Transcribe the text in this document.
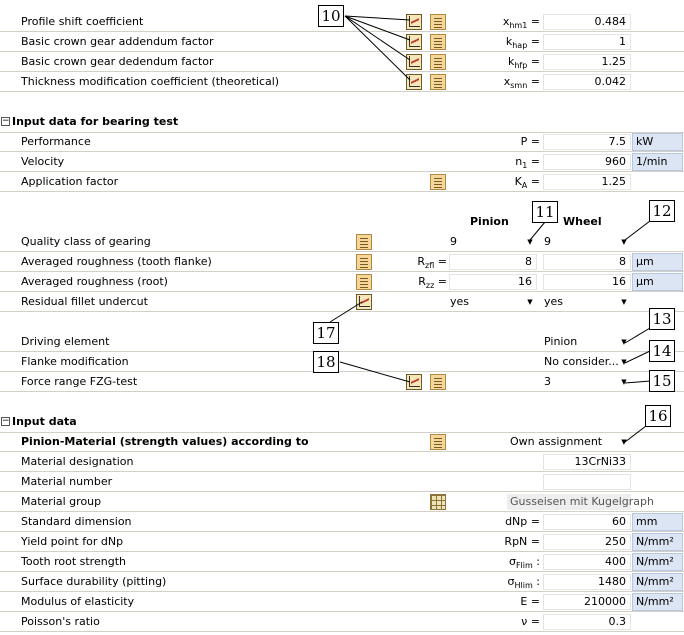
Profile shift coefficient	$x_{hm1}$ =	0.484
Basic crown gear addendum factor	$k_{hap}$ =	1
Basic crown gear dedendum factor	$k_{hfp}$ =	1.25
Thickness modification coefficient (theoretical)	$x_{smn}$ =	0.042
− Input data for bearing test
Performance	P =	7.5 kW
Velocity	$n_1$ =	960 1/min
Application factor	$K_A$ =	1.25
Pinion	Wheel
Quality class of gearing	9	▼ 9	▼
Averaged roughness (tooth flanke)	$R_{zfl}$ =	8	8 µm
Averaged roughness (root)	$R_{zz}$ =	16	16 µm
Residual fillet undercut	yes	▼ yes	▼
Driving element	Pinion	▼
Flanke modification	No consider... ▼
Force range FZG-test	3	▼
− Input data
Pinion-Material (strength values) according to	Own assignment	▼
Material designation	13CrNi33
Material number
Material group	Gusseisen mit Kugelgraph
Standard dimension	dNp =	60 mm
Yield point for dNp	RpN =	250 N/mm²
Tooth root strength	$\sigma_{Flim}$ :	400 N/mm²
Surface durability (pitting)	$\sigma_{Hlim}$ :	1480 N/mm²
Modulus of elasticity	E =	210000 N/mm²
Poisson's ratio	ν =	0.3
10
11	12
13
14
15
16
17
18
